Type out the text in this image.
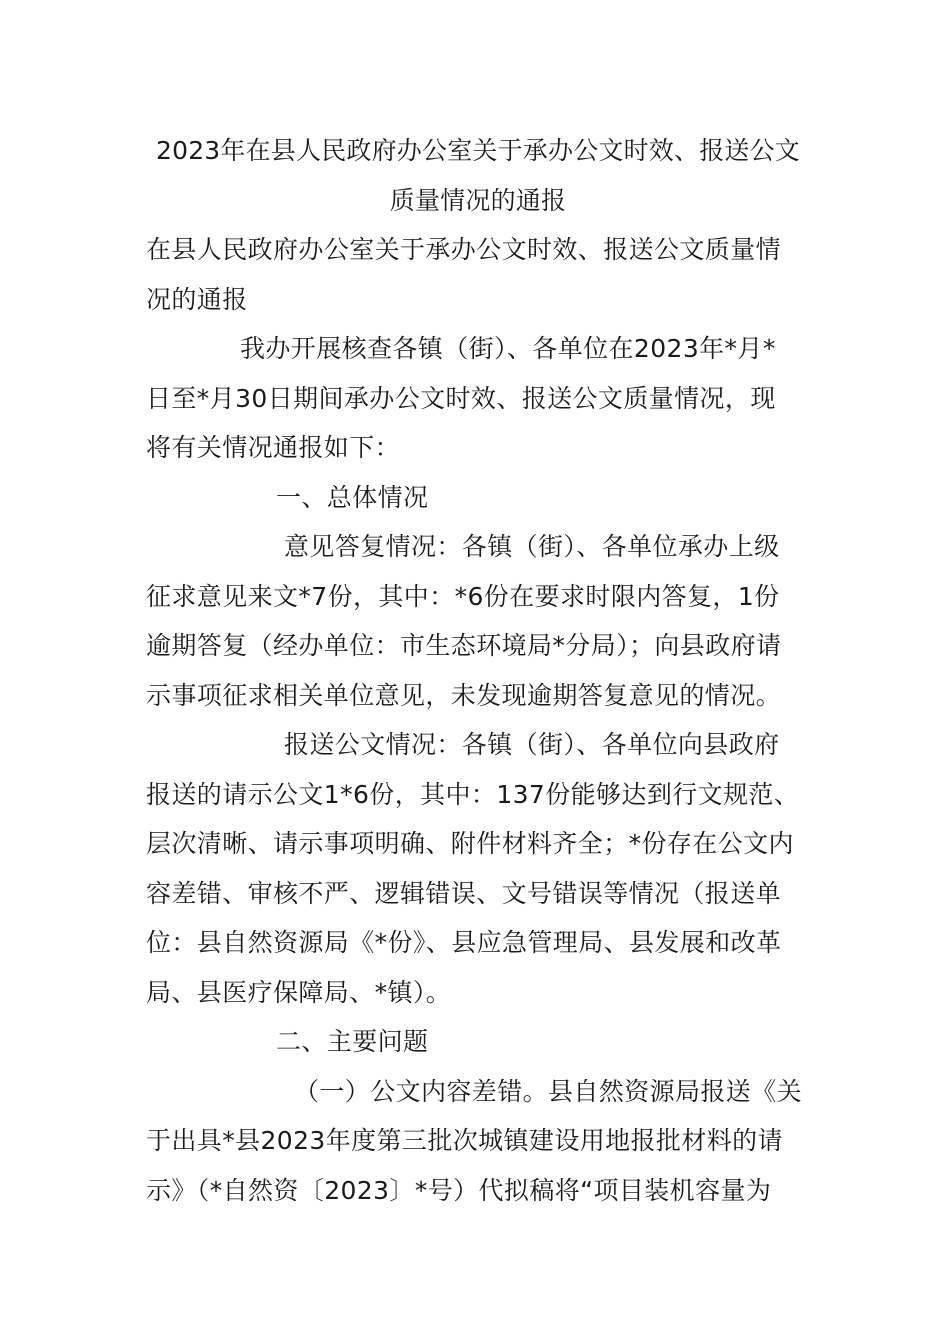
2023年在县人民政府办公室关于承办公文时效、报送公文
质量情况的通报
在县人民政府办公室关于承办公文时效、报送公文质量情
况的通报
我办开展核查各镇（街）、各单位在2023年*月*
日至*月30日期间承办公文时效、报送公文质量情况，现
将有关情况通报如下：
一、总体情况
意见答复情况：各镇（街）、各单位承办上级
征求意见来文*7份，其中：*6份在要求时限内答复，1份
逾期答复（经办单位：市生态环境局*分局）；向县政府请
示事项征求相关单位意见，未发现逾期答复意见的情况。
报送公文情况：各镇（街）、各单位向县政府
报送的请示公文1*6份，其中：137份能够达到行文规范、
层次清晰、请示事项明确、附件材料齐全；*份存在公文内
容差错、审核不严、逻辑错误、文号错误等情况（报送单
位：县自然资源局《*份》、县应急管理局、县发展和改革
局、县医疗保障局、*镇）。
二、主要问题
（一）公文内容差错。县自然资源局报送《关
于出具*县2023年度第三批次城镇建设用地报批材料的请
示》（*自然资〔2023〕*号）代拟稿将“项目装机容量为
